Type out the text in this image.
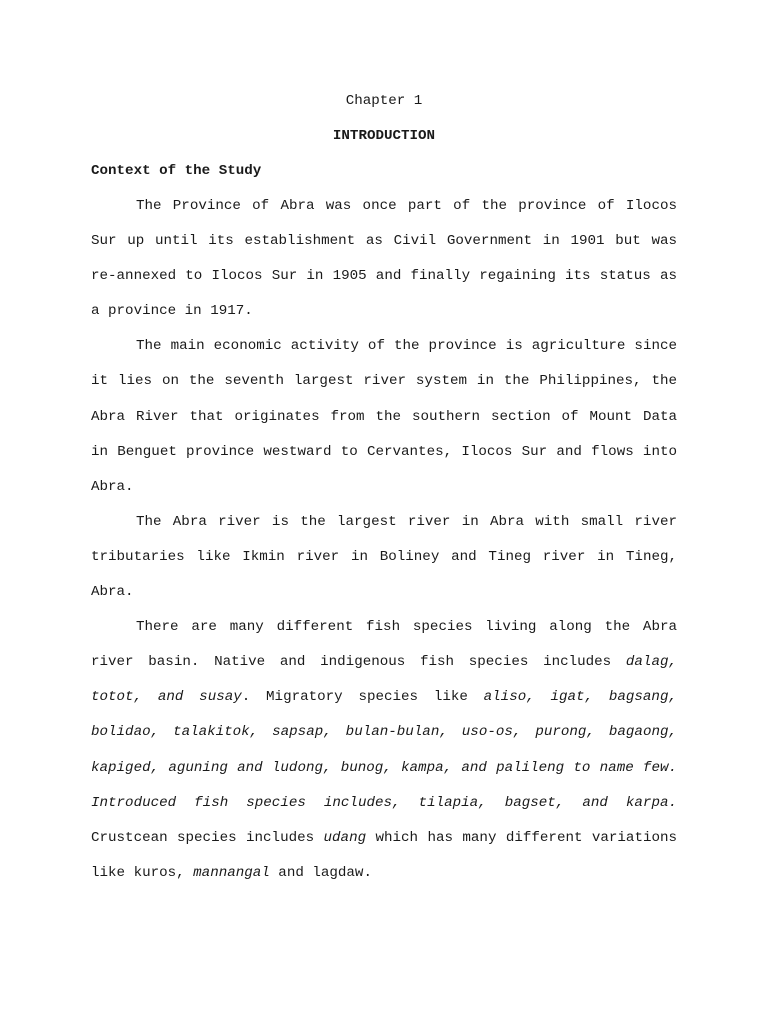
Chapter 1
INTRODUCTION
Context of the Study

The Province of Abra was once part of the province of Ilocos Sur up until its establishment as Civil Government in 1901 but was re-annexed to Ilocos Sur in 1905 and finally regaining its status as a province in 1917.

The main economic activity of the province is agriculture since it lies on the seventh largest river system in the Philippines, the Abra River that originates from the southern section of Mount Data in Benguet province westward to Cervantes, Ilocos Sur and flows into Abra.

The Abra river is the largest river in Abra with small river tributaries like Ikmin river in Boliney and Tineg river in Tineg, Abra.

There are many different fish species living along the Abra river basin. Native and indigenous fish species includes dalag, totot, and susay. Migratory species like aliso, igat, bagsang, bolidao, talakitok, sapsap, bulan-bulan, uso-os, purong, bagaong, kapiged, aguning and ludong, bunog, kampa, and palileng to name few. Introduced fish species includes, tilapia, bagset, and karpa. Crustcean species includes udang which has many different variations like kuros, mannangal and lagdaw.
